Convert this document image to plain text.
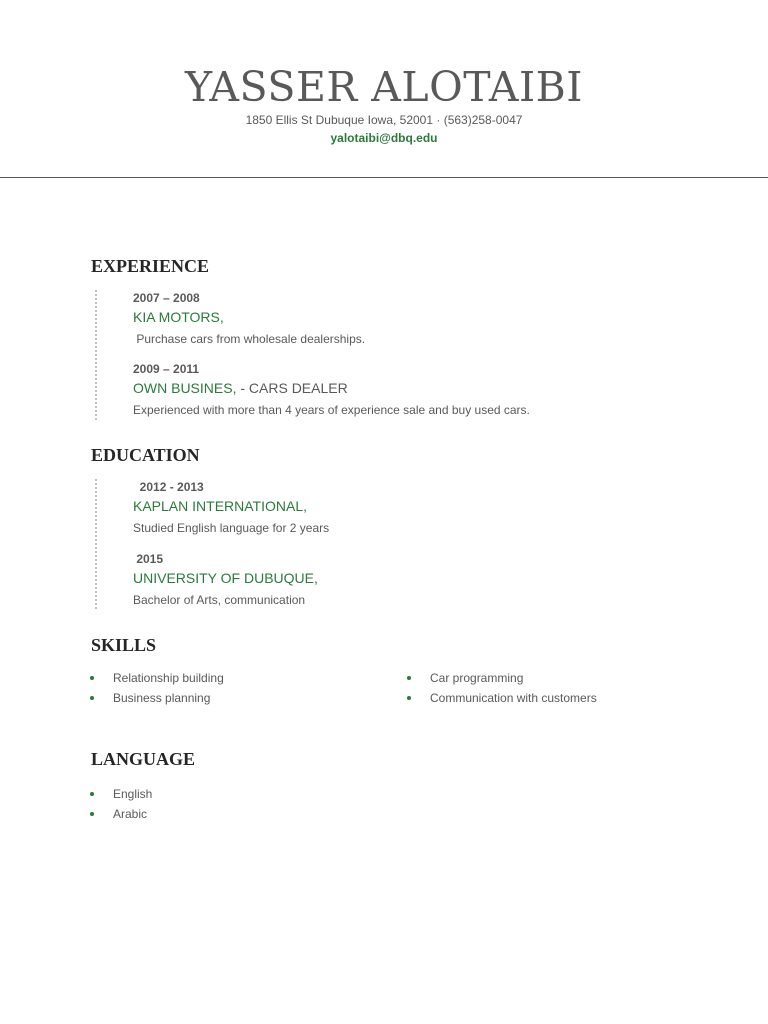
YASSER ALOTAIBI
1850 Ellis St Dubuque Iowa, 52001 · (563)258-0047
yalotaibi@dbq.edu
EXPERIENCE
2007 – 2008
KIA MOTORS,
Purchase cars from wholesale dealerships.
2009 – 2011
OWN BUSINES, - CARS DEALER
Experienced with more than 4 years of experience sale and buy used cars.
EDUCATION
2012 - 2013
KAPLAN INTERNATIONAL,
Studied English language for 2 years
2015
UNIVERSITY OF DUBUQUE,
Bachelor of Arts, communication
SKILLS
Relationship building
Business planning
Car programming
Communication with customers
LANGUAGE
English
Arabic
